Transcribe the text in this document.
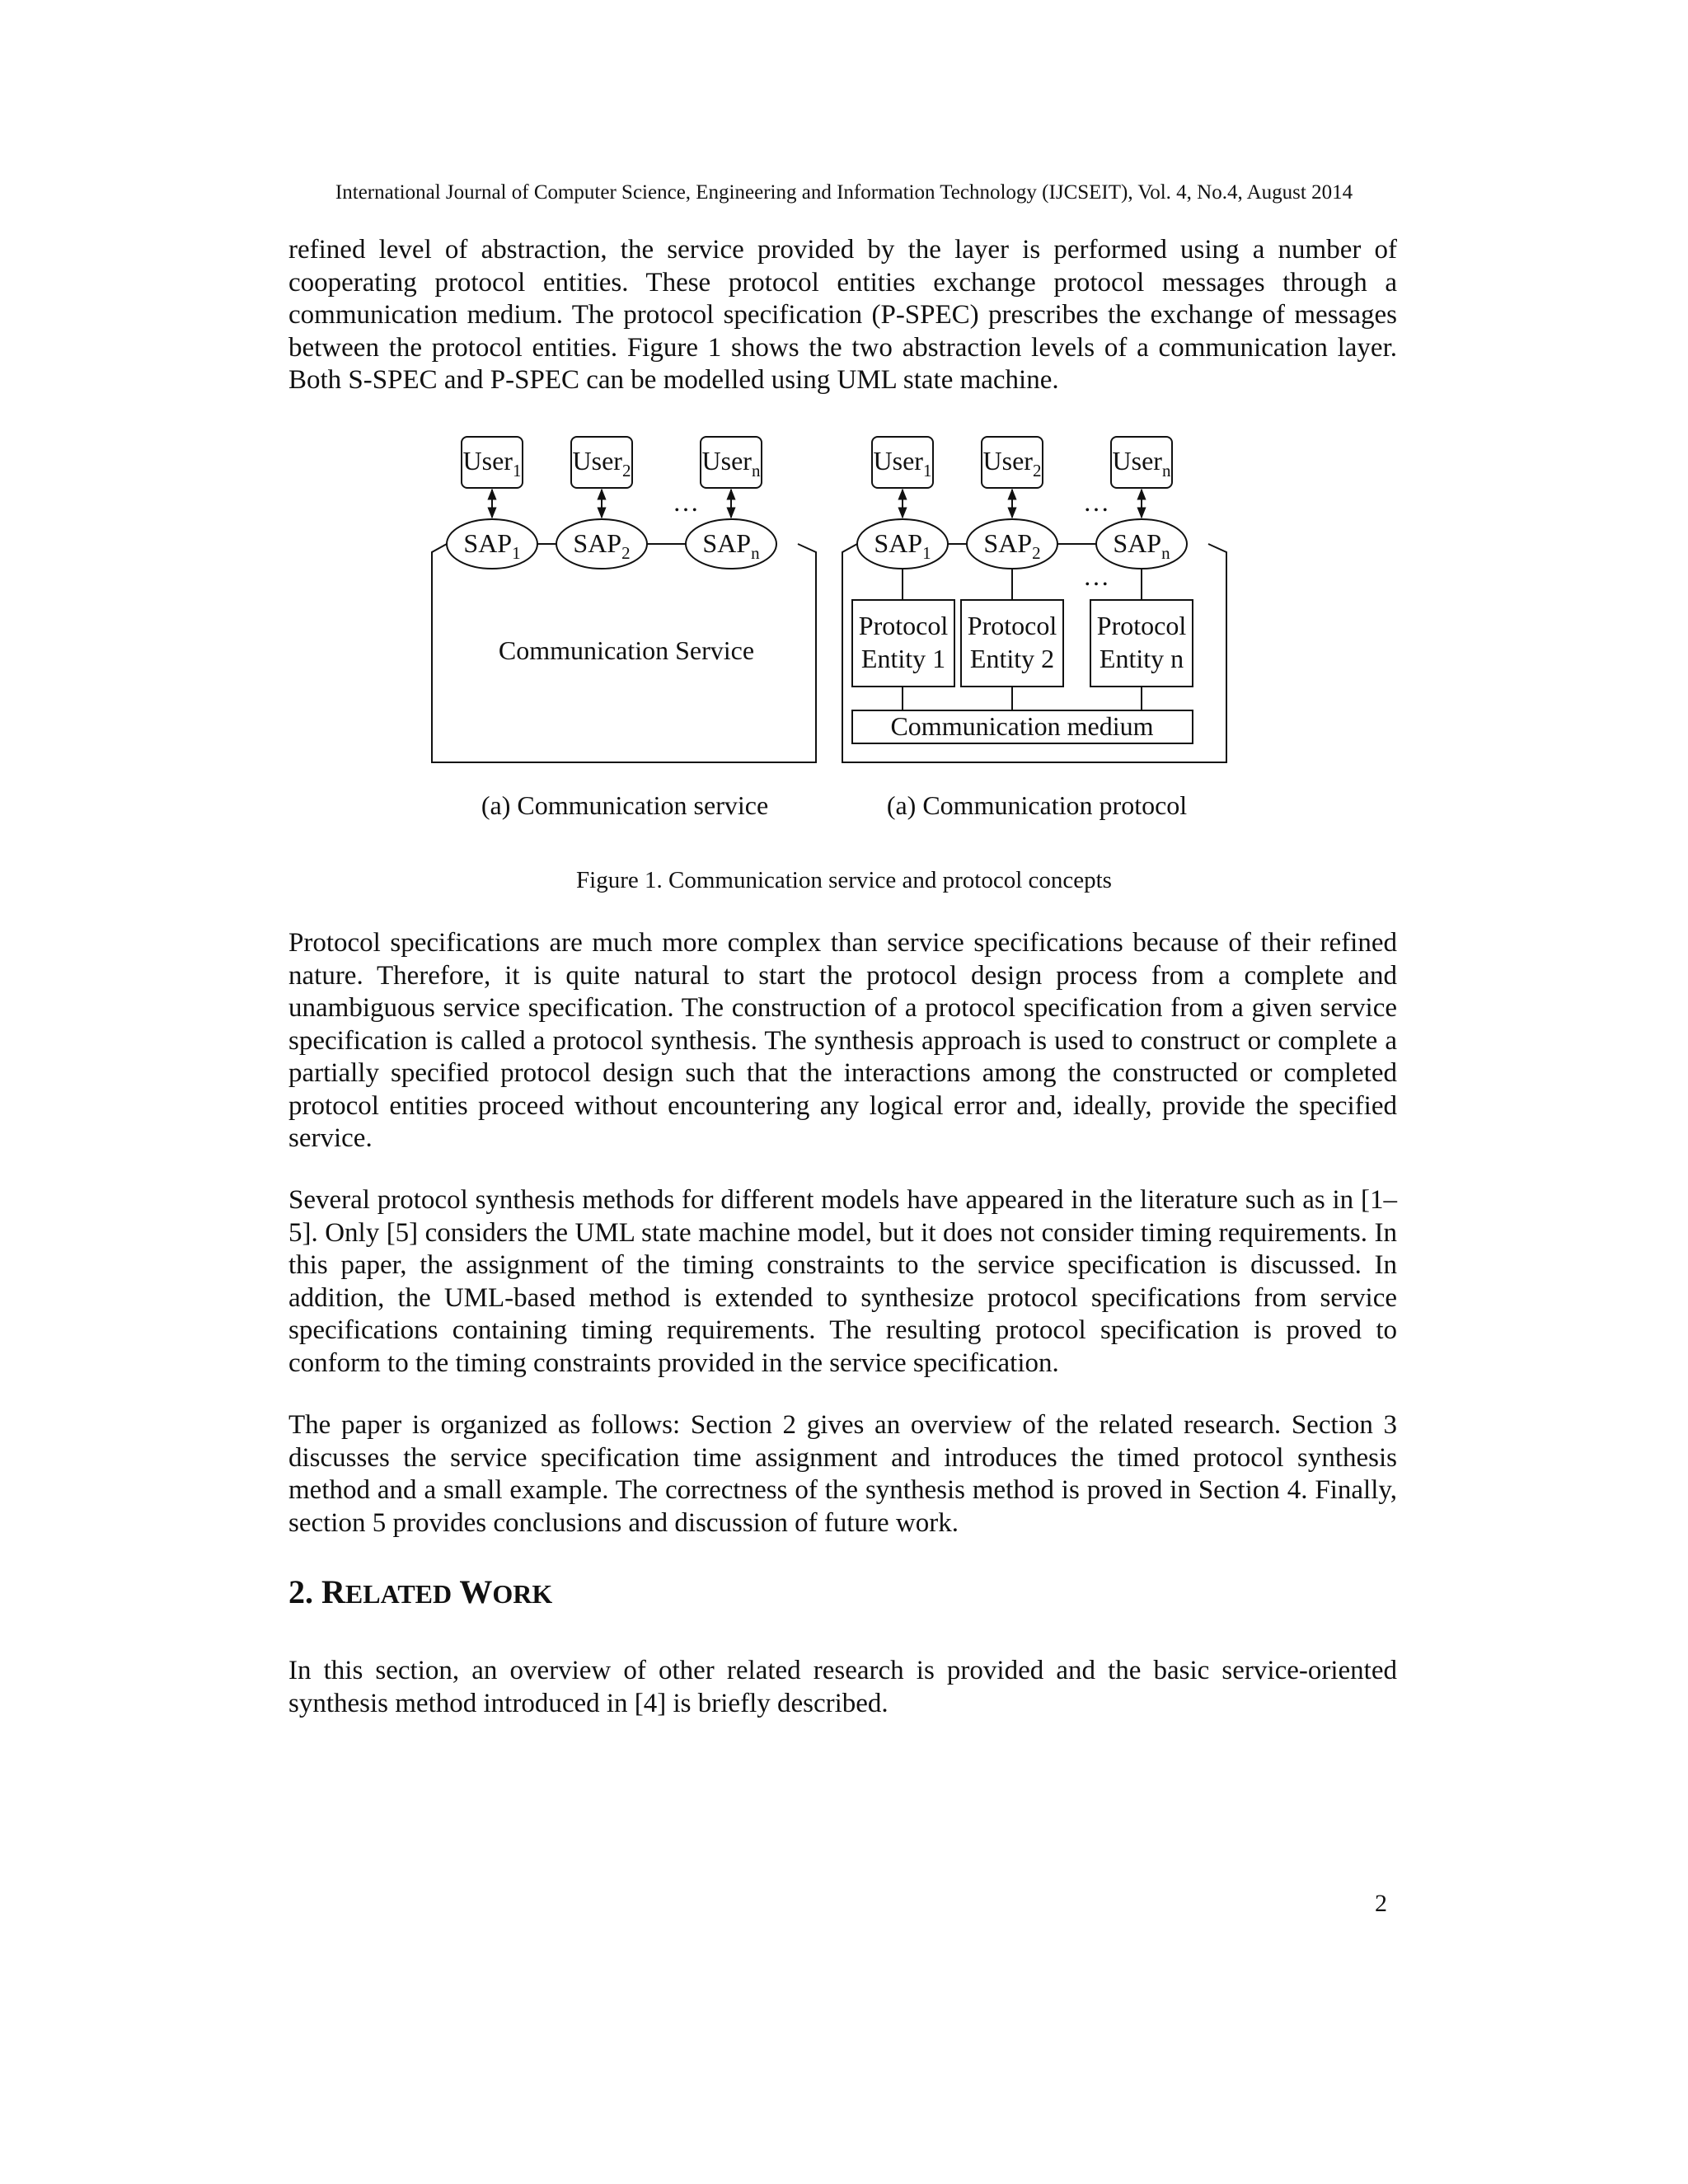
International Journal of Computer Science, Engineering and Information Technology (IJCSEIT), Vol. 4, No.4, August 2014

refined level of abstraction, the service provided by the layer is performed using a number of cooperating protocol entities. These protocol entities exchange protocol messages through a communication medium. The protocol specification (P-SPEC) prescribes the exchange of messages between the protocol entities. Figure 1 shows the two abstraction levels of a communication layer. Both S-SPEC and P-SPEC can be modelled using UML state machine.

User$_1$ User$_2$	User$_n$
…
$SAP_1$ $SAP_2$	$SAP_n$
Communication Service
(a) Communication service
User$_1$ User$_2$	User$_n$
…
$SAP_1$ $SAP_2$	$SAP_n$
…
Protocol
Entity 1
Protocol
Entity 2
Protocol
Entity n
Communication medium
(a) Communication protocol
Figure 1. Communication service and protocol concepts

Protocol specifications are much more complex than service specifications because of their refined nature. Therefore, it is quite natural to start the protocol design process from a complete and unambiguous service specification. The construction of a protocol specification from a given service specification is called a protocol synthesis. The synthesis approach is used to construct or complete a partially specified protocol design such that the interactions among the constructed or completed protocol entities proceed without encountering any logical error and, ideally, provide the specified service.

Several protocol synthesis methods for different models have appeared in the literature such as in [1–5]. Only [5] considers the UML state machine model, but it does not consider timing requirements. In this paper, the assignment of the timing constraints to the service specification is discussed. In addition, the UML-based method is extended to synthesize protocol specifications from service specifications containing timing requirements. The resulting protocol specification is proved to conform to the timing constraints provided in the service specification.

The paper is organized as follows: Section 2 gives an overview of the related research. Section 3 discusses the service specification time assignment and introduces the timed protocol synthesis method and a small example. The correctness of the synthesis method is proved in Section 4. Finally, section 5 provides conclusions and discussion of future work.

2. RELATED WORK

In this section, an overview of other related research is provided and the basic service-oriented synthesis method introduced in [4] is briefly described.

2
